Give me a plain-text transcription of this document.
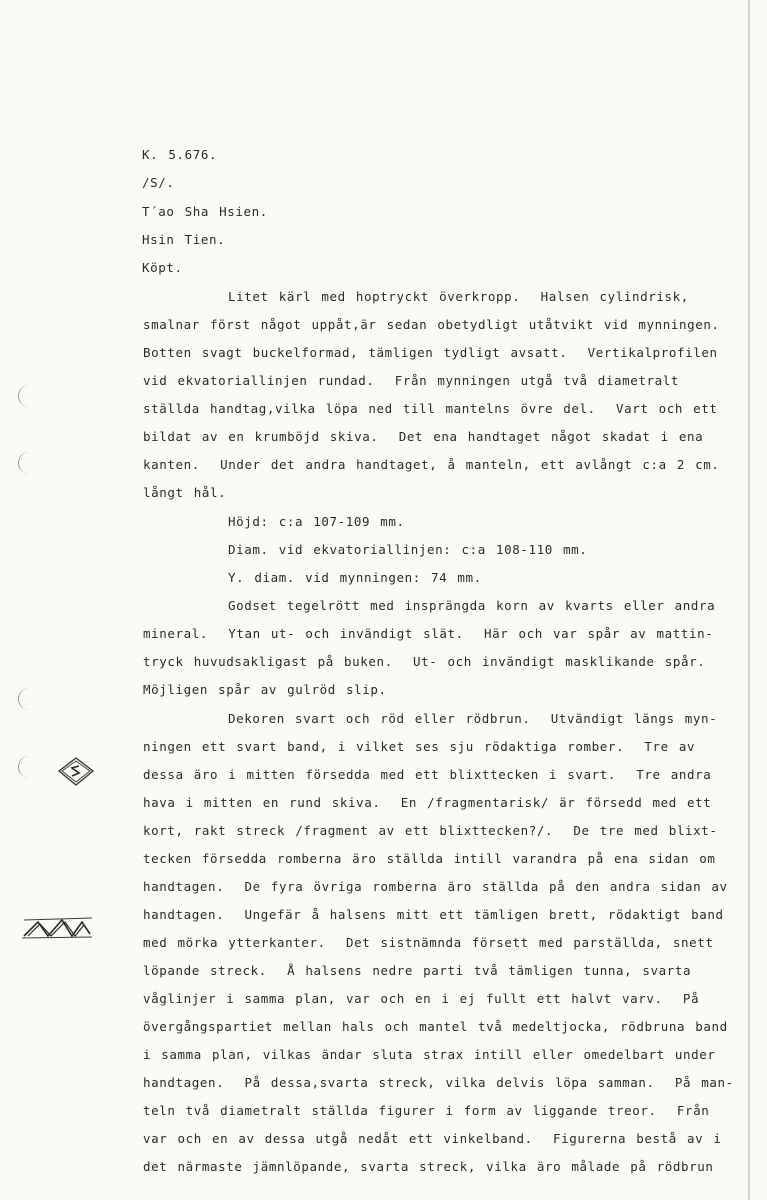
K. 5.676.
/S/.
T´ao Sha Hsien.
Hsin Tien.
Köpt.
Litet kärl med hoptryckt överkropp.  Halsen cylindrisk,
smalnar först något uppåt,är sedan obetydligt utåtvikt vid mynningen.
Botten svagt buckelformad, tämligen tydligt avsatt.  Vertikalprofilen
vid ekvatoriallinjen rundad.  Från mynningen utgå två diametralt
ställda handtag,vilka löpa ned till mantelns övre del.  Vart och ett
bildat av en krumböjd skiva.  Det ena handtaget något skadat i ena
kanten.  Under det andra handtaget, å manteln, ett avlångt c:a 2 cm.
långt hål.
Höjd: c:a 107-109 mm.
Diam. vid ekvatoriallinjen: c:a 108-110 mm.
Y. diam. vid mynningen: 74 mm.
Godset tegelrött med insprängda korn av kvarts eller andra
mineral.  Ytan ut- och invändigt slät.  Här och var spår av mattin-
tryck huvudsakligast på buken.  Ut- och invändigt masklikande spår.
Möjligen spår av gulröd slip.
Dekoren svart och röd eller rödbrun.  Utvändigt längs myn-
ningen ett svart band, i vilket ses sju rödaktiga romber.  Tre av
dessa äro i mitten försedda med ett blixttecken i svart.  Tre andra
hava i mitten en rund skiva.  En /fragmentarisk/ är försedd med ett
kort, rakt streck /fragment av ett blixttecken?/.  De tre med blixt-
tecken försedda romberna äro ställda intill varandra på ena sidan om
handtagen.  De fyra övriga romberna äro ställda på den andra sidan av
handtagen.  Ungefär å halsens mitt ett tämligen brett, rödaktigt band
med mörka ytterkanter.  Det sistnämnda försett med parställda, snett
löpande streck.  Å halsens nedre parti två tämligen tunna, svarta
våglinjer i samma plan, var och en i ej fullt ett halvt varv.  På
övergångspartiet mellan hals och mantel två medeltjocka, rödbruna band
i samma plan, vilkas ändar sluta strax intill eller omedelbart under
handtagen.  På dessa,svarta streck, vilka delvis löpa samman.  På man-
teln två diametralt ställda figurer i form av liggande treor.  Från
var och en av dessa utgå nedåt ett vinkelband.  Figurerna bestå av i
det närmaste jämnlöpande, svarta streck, vilka äro målade på rödbrun
